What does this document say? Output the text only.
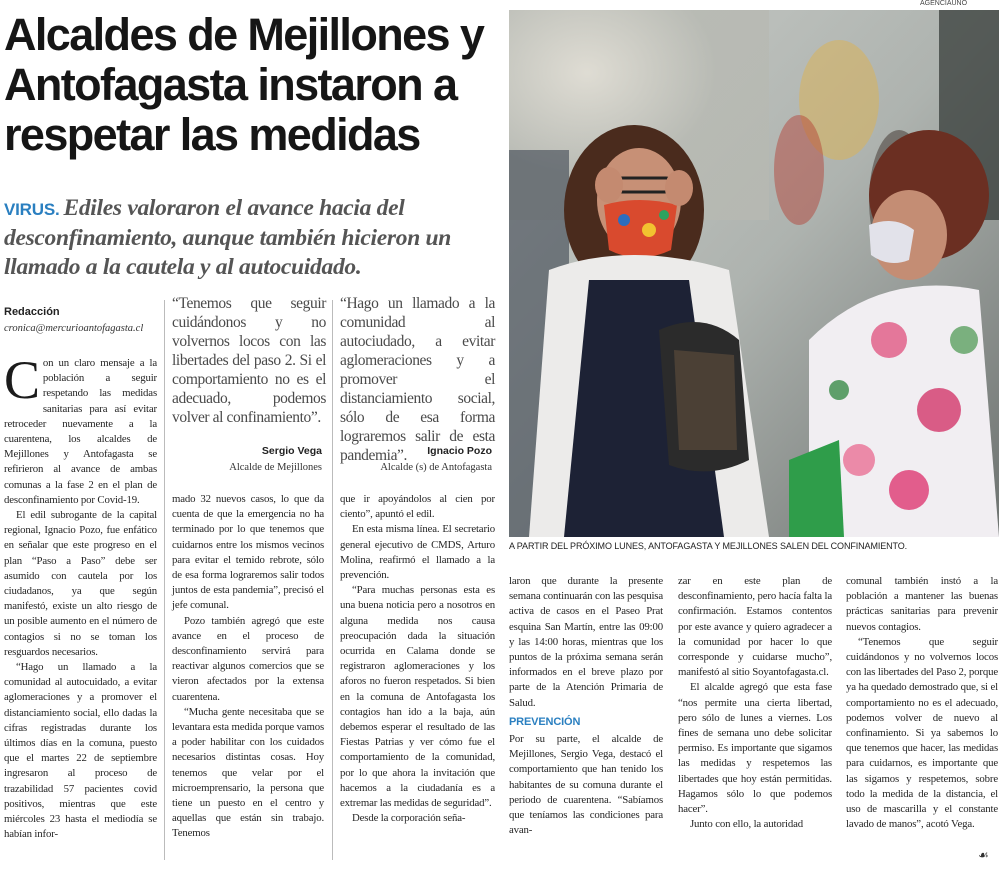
Alcaldes de Mejillones y Antofagasta instaron a respetar las medidas
VIRUS. Ediles valoraron el avance hacia del desconfinamiento, aunque también hicieron un llamado a la cautela y al autocuidado.
Redacción
cronica@mercurioantofagasta.cl

Con un claro mensaje a la población a seguir respetando las medidas sanitarias para así evitar retroceder nuevamente a la cuarentena, los alcaldes de Mejillones y Antofagasta se refirieron al avance de ambas comunas a la fase 2 en el plan de desconfinamiento por Covid-19.

El edil subrogante de la capital regional, Ignacio Pozo, fue enfático en señalar que este progreso en el plan “Paso a Paso” debe ser asumido con cautela por los ciudadanos, ya que según manifestó, existe un alto riesgo de un posible aumento en el número de contagios si no se toman los resguardos necesarios.

“Hago un llamado a la comunidad al autocuidado, a evitar aglomeraciones y a promover el distanciamiento social, ello dadas la cifras registradas durante los últimos días en la comuna, puesto que el martes 22 de septiembre ingresaron al proceso de trazabilidad 57 pacientes covid positivos, mientras que este miércoles 23 hasta el mediodía se habían infor-

“Tenemos que seguir cuidándonos y no volvernos locos con las libertades del paso 2. Si el comportamiento no es el adecuado, podemos volver al confinamiento”.
Sergio Vega
Alcalde de Mejillones
“Hago un llamado a la comunidad al autociudado, a evitar aglomeraciones y a promover el distanciamiento social, sólo de esa forma lograremos salir de esta pandemia”.	Ignacio Pozo
Alcalde (s) de Antofagasta

mado 32 nuevos casos, lo que da cuenta de que la emergencia no ha terminado por lo que tenemos que cuidarnos entre los mismos vecinos para evitar el temido rebrote, sólo de esa forma lograremos salir todos juntos de esta pandemia”, precisó el jefe comunal.

Pozo también agregó que este avance en el proceso de desconfinamiento servirá para reactivar algunos comercios que se vieron afectados por la extensa cuarentena.

“Mucha gente necesitaba que se levantara esta medida porque vamos a poder habilitar con los cuidados necesarios distintas cosas. Hoy tenemos que velar por el microemprensario, la persona que tiene un puesto en el centro y aquellas que están sin trabajo. Tenemos

que ir apoyándolos al cien por ciento”, apuntó el edil.

En esta misma línea. El secretario general ejecutivo de CMDS, Arturo Molina, reafirmó el llamado a la prevención.

“Para muchas personas esta es una buena noticia pero a nosotros en alguna medida nos causa preocupación dada la situación ocurrida en Calama donde se registraron aglomeraciones y los aforos no fueron respetados. Si bien en la comuna de Antofagasta los contagios han ido a la baja, aún debemos esperar el resultado de las Fiestas Patrias y ver cómo fue el comportamiento de la comunidad, por lo que ahora la invitación que hacemos a la ciudadanía es a extremar las medidas de seguridad”.

Desde la corporación seña-

AGENCIAUNO
A PARTIR DEL PRÓXIMO LUNES, ANTOFAGASTA Y MEJILLONES SALEN DEL CONFINAMIENTO.

laron que durante la presente semana continuarán con las pesquisa activa de casos en el Paseo Prat esquina San Martín, entre las 09:00 y las 14:00 horas, mientras que los puntos de la próxima semana serán informados en el breve plazo por parte de la Atención Primaria de Salud.

PREVENCIÓN

Por su parte, el alcalde de Mejillones, Sergio Vega, destacó el comportamiento que han tenido los habitantes de su comuna durante el periodo de cuarentena. “Sabíamos que teníamos las condiciones para avan-

zar en este plan de desconfinamiento, pero hacía falta la confirmación. Estamos contentos por este avance y quiero agradecer a la comunidad por hacer lo que corresponde y cuidarse mucho”, manifestó al sitio Soyantofagasta.cl.

El alcalde agregó que esta fase “nos permite una cierta libertad, pero sólo de lunes a viernes. Los fines de semana uno debe solicitar permiso. Es importante que sigamos las medidas y respetemos las libertades que hoy están permitidas. Hagamos sólo lo que podemos hacer”.

Junto con ello, la autoridad

comunal también instó a la población a mantener las buenas prácticas sanitarias para prevenir nuevos contagios.

“Tenemos que seguir cuidándonos y no volvernos locos con las libertades del Paso 2, porque ya ha quedado demostrado que, si el comportamiento no es el adecuado, podemos volver de nuevo al confinamiento. Si ya sabemos lo que tenemos que hacer, las medidas para cuidarnos, es importante que las sigamos y respetemos, sobre todo la medida de la distancia, el uso de mascarilla y el constante lavado de manos”, acotó Vega.

☙
